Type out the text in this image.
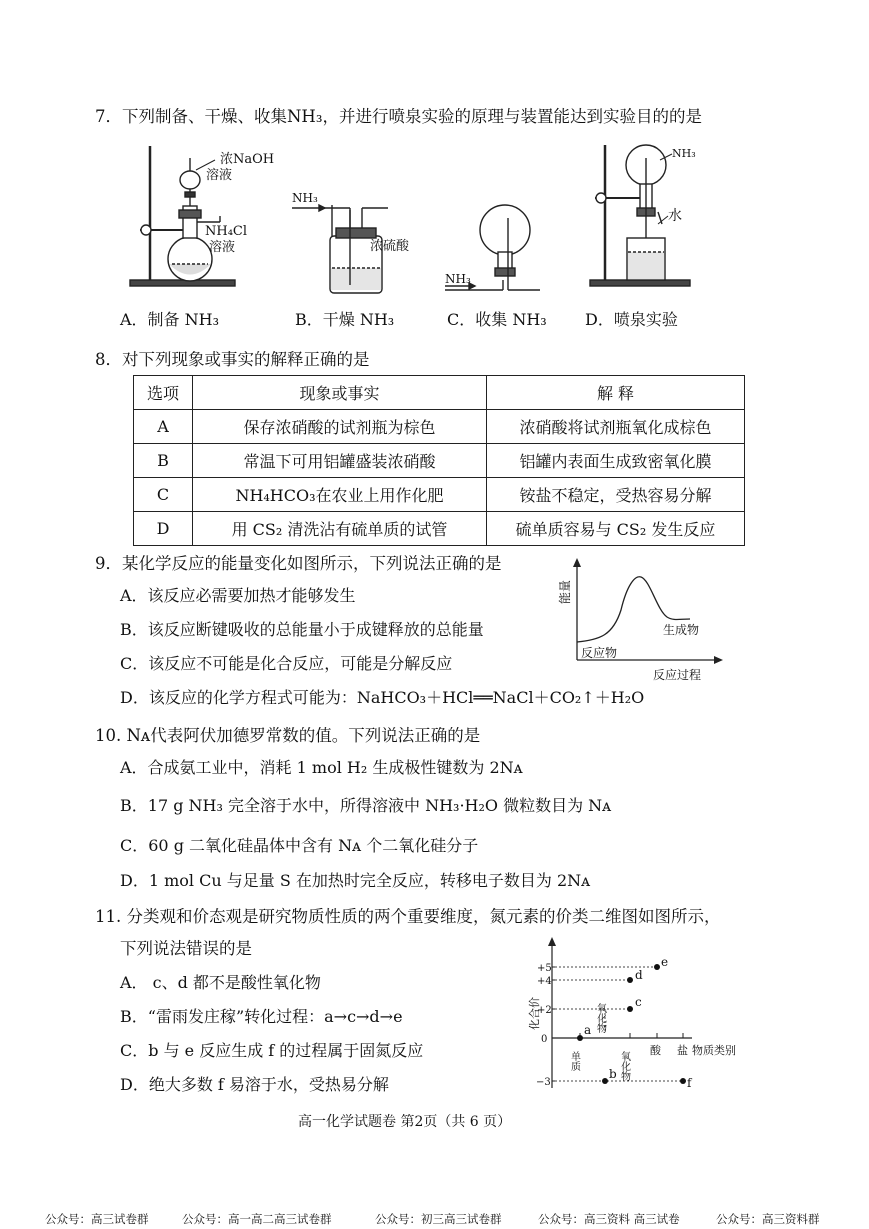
7．下列制备、干燥、收集NH₃，并进行喷泉实验的原理与装置能达到实验目的的是
浓NaOH
溶液
NH₄Cl
溶液
NH₃
浓硫酸
NH₃
NH₃
水
A．制备 NH₃	B．干燥 NH₃	C．收集 NH₃ D．喷泉实验
8．对下列现象或事实的解释正确的是
选项	现象或事实	解 释
A	保存浓硝酸的试剂瓶为棕色	浓硝酸将试剂瓶氧化成棕色
B	常温下可用铝罐盛装浓硝酸	铝罐内表面生成致密氧化膜
C	NH₄HCO₃在农业上用作化肥	铵盐不稳定，受热容易分解
D	用 CS₂ 清洗沾有硫单质的试管	硫单质容易与 CS₂ 发生反应
9．某化学反应的能量变化如图所示，下列说法正确的是
A．该反应必需要加热才能够发生
B．该反应断键吸收的总能量小于成键释放的总能量
C．该反应不可能是化合反应，可能是分解反应
D．该反应的化学方程式可能为：NaHCO₃＋HCl══NaCl＋CO₂↑＋H₂O
能量
反应物
生成物
反应过程
10. Nᴀ代表阿伏加德罗常数的值。下列说法正确的是
A．合成氨工业中，消耗 1 mol H₂ 生成极性键数为 2Nᴀ
B．17 g NH₃ 完全溶于水中，所得溶液中 NH₃·H₂O 微粒数目为 Nᴀ
C．60 g 二氧化硅晶体中含有 Nᴀ 个二氧化硅分子
D．1 mol Cu 与足量 S 在加热时完全反应，转移电子数目为 2Nᴀ
11. 分类观和价态观是研究物质性质的两个重要维度，氮元素的价类二维图如图所示，
下列说法错误的是
A． c、d 都不是酸性氧化物
B．“雷雨发庄稼”转化过程：a→c→d→e
C．b 与 e 反应生成 f 的过程属于固氮反应
D．绝大多数 f 易溶于水，受热易分解
化合价
+5
+4
+2
0
−3
单质
氧化物
氧化物
酸 盐 物质类别
a
b
c
d
e
f
高一化学试题卷 第2页（共 6 页）
公众号：高三试卷群	公众号：高一高二高三试卷群	公众号：初三高三试卷群	公众号：高三资料 高三试卷	公众号：高三资料群
